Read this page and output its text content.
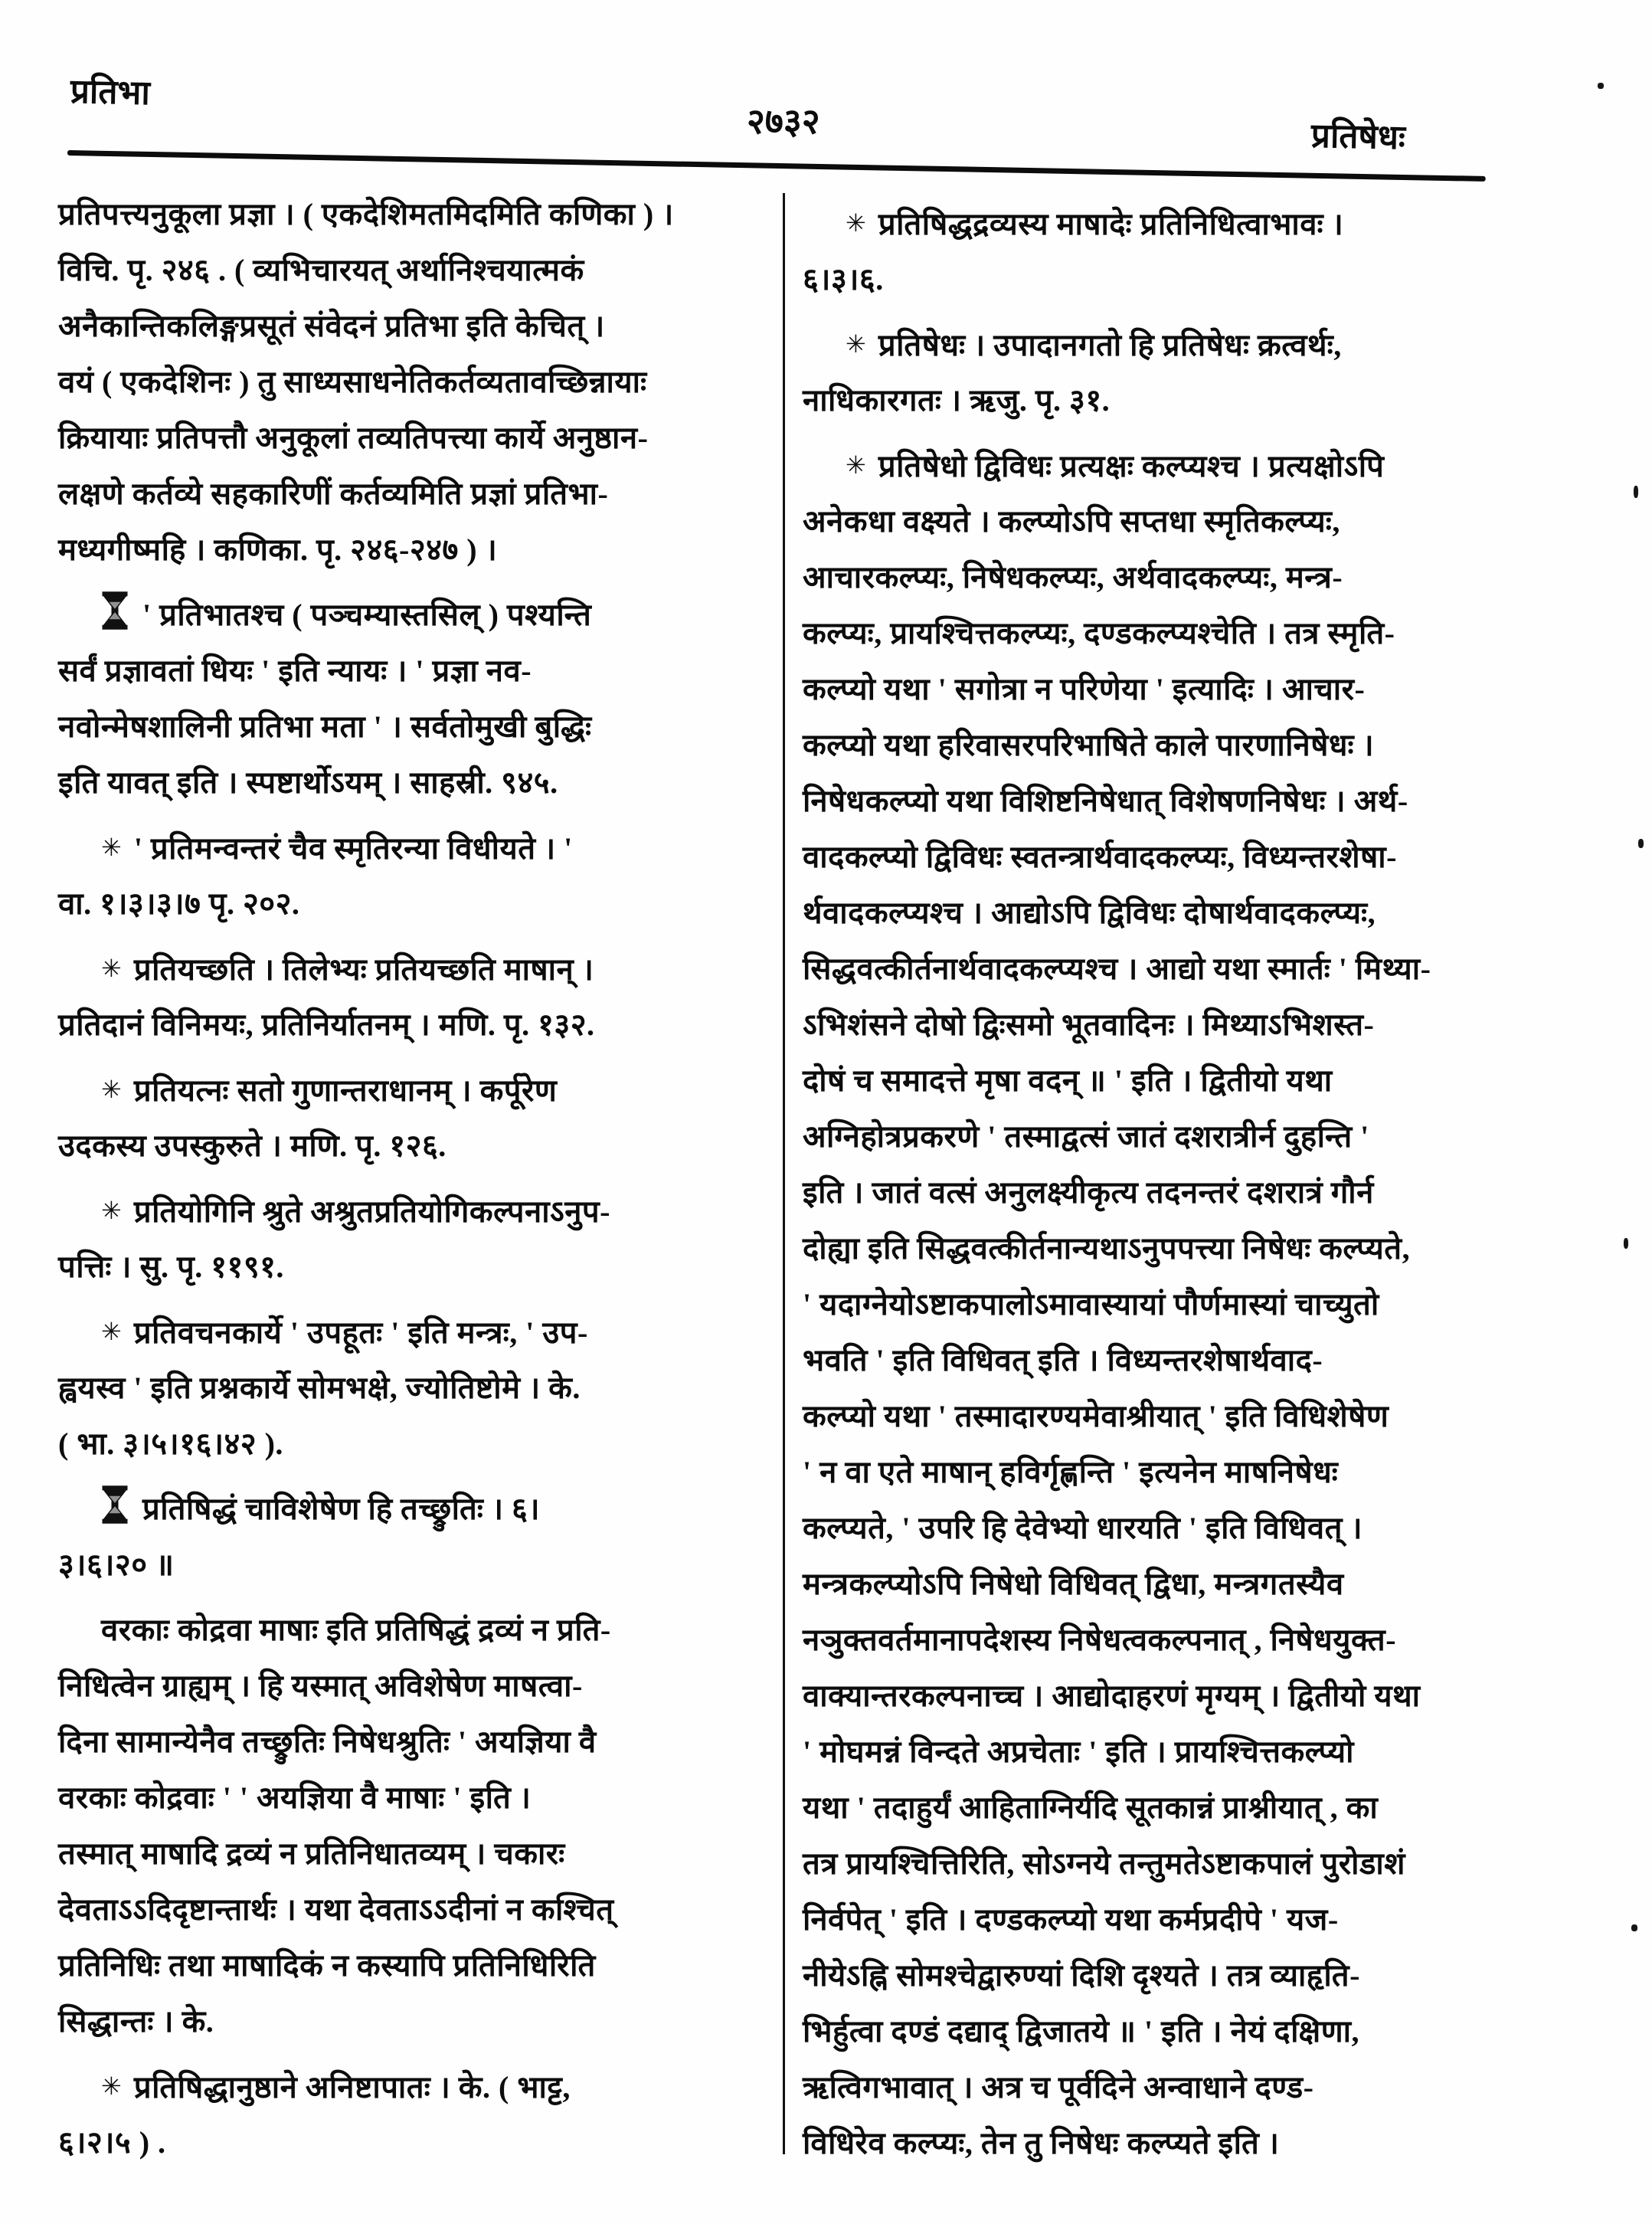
प्रतिभा
२७३२	प्रतिषेधः
प्रतिपत्त्यनुकूला प्रज्ञा । ( एकदेशिमतमिदमिति कणिका ) ।
विचि. पृ. २४६ . ( व्यभिचारयत् अर्थानिश्चयात्मकं
अनैकान्तिकलिङ्गप्रसूतं संवेदनं प्रतिभा इति केचित् ।
वयं ( एकदेशिनः ) तु साध्यसाधनेतिकर्तव्यतावच्छिन्नायाः
क्रियायाः प्रतिपत्तौ अनुकूलां तव्यतिपत्त्या कार्ये अनुष्ठान-
लक्षणे कर्तव्ये सहकारिणीं कर्तव्यमिति प्रज्ञां प्रतिभा-
मध्यगीष्महि । कणिका. पृ. २४६-२४७ ) ।
' प्रतिभातश्च ( पञ्चम्यास्तसिल् ) पश्यन्ति
सर्वं प्रज्ञावतां धियः ' इति न्यायः । ' प्रज्ञा नव-
नवोन्मेषशालिनी प्रतिभा मता ' । सर्वतोमुखी बुद्धिः
इति यावत् इति । स्पष्टार्थोऽयम् । साहस्री. ९४५.
✳ ' प्रतिमन्वन्तरं चैव स्मृतिरन्या विधीयते । '
वा. १।३।३।७ पृ. २०२.
✳ प्रतियच्छति । तिलेभ्यः प्रतियच्छति माषान् ।
प्रतिदानं विनिमयः, प्रतिनिर्यातनम् । मणि. पृ. १३२.
✳ प्रतियत्नः सतो गुणान्तराधानम् । कर्पूरेण
उदकस्य उपस्कुरुते । मणि. पृ. १२६.
✳ प्रतियोगिनि श्रुते अश्रुतप्रतियोगिकल्पनाऽनुप-
पत्तिः । सु. पृ. ११९१.
✳ प्रतिवचनकार्ये ' उपहूतः ' इति मन्त्रः, ' उप-
ह्वयस्व ' इति प्रश्नकार्ये सोमभक्षे, ज्योतिष्टोमे । के.
( भा. ३।५।१६।४२ ).
प्रतिषिद्धं चाविशेषेण हि तच्छ्रुतिः । ६।
३।६।२० ॥
वरकाः कोद्रवा माषाः इति प्रतिषिद्धं द्रव्यं न प्रति-
निधित्वेन ग्राह्यम् । हि यस्मात् अविशेषेण माषत्वा-
दिना सामान्येनैव तच्छ्रुतिः निषेधश्रुतिः ' अयज्ञिया वै
वरकाः कोद्रवाः ' ' अयज्ञिया वै माषाः ' इति ।
तस्मात् माषादि द्रव्यं न प्रतिनिधातव्यम् । चकारः
देवताऽऽदिदृष्टान्तार्थः । यथा देवताऽऽदीनां न कश्चित्
प्रतिनिधिः तथा माषादिकं न कस्यापि प्रतिनिधिरिति
सिद्धान्तः । के.
✳ प्रतिषिद्धानुष्ठाने अनिष्टापातः । के. ( भाट्ट,
६।२।५ ) .
✳ प्रतिषिद्धद्रव्यस्य माषादेः प्रतिनिधित्वाभावः ।
६।३।६.
✳ प्रतिषेधः । उपादानगतो हि प्रतिषेधः क्रत्वर्थः,
नाधिकारगतः । ऋजु. पृ. ३१.
✳ प्रतिषेधो द्विविधः प्रत्यक्षः कल्प्यश्च । प्रत्यक्षोऽपि
अनेकधा वक्ष्यते । कल्प्योऽपि सप्तधा स्मृतिकल्प्यः,
आचारकल्प्यः, निषेधकल्प्यः, अर्थवादकल्प्यः, मन्त्र-
कल्प्यः, प्रायश्चित्तकल्प्यः, दण्डकल्प्यश्चेति । तत्र स्मृति-
कल्प्यो यथा ' सगोत्रा न परिणेया ' इत्यादिः । आचार-
कल्प्यो यथा हरिवासरपरिभाषिते काले पारणानिषेधः ।
निषेधकल्प्यो यथा विशिष्टनिषेधात् विशेषणनिषेधः । अर्थ-
वादकल्प्यो द्विविधः स्वतन्त्रार्थवादकल्प्यः, विध्यन्तरशेषा-
र्थवादकल्प्यश्च । आद्योऽपि द्विविधः दोषार्थवादकल्प्यः,
सिद्धवत्कीर्तनार्थवादकल्प्यश्च । आद्यो यथा स्मार्तः ' मिथ्या-
ऽभिशंसने दोषो द्विःसमो भूतवादिनः । मिथ्याऽभिशस्त-
दोषं च समादत्ते मृषा वदन् ॥ ' इति । द्वितीयो यथा
अग्निहोत्रप्रकरणे ' तस्माद्वत्सं जातं दशरात्रीर्न दुहन्ति '
इति । जातं वत्सं अनुलक्ष्यीकृत्य तदनन्तरं दशरात्रं गौर्न
दोह्या इति सिद्धवत्कीर्तनान्यथाऽनुपपत्त्या निषेधः कल्प्यते,
' यदाग्नेयोऽष्टाकपालोऽमावास्यायां पौर्णमास्यां चाच्युतो
भवति ' इति विधिवत् इति । विध्यन्तरशेषार्थवाद-
कल्प्यो यथा ' तस्मादारण्यमेवाश्रीयात् ' इति विधिशेषेण
' न वा एते माषान् हविर्गृह्णन्ति ' इत्यनेन माषनिषेधः
कल्प्यते, ' उपरि हि देवेभ्यो धारयति ' इति विधिवत् ।
मन्त्रकल्प्योऽपि निषेधो विधिवत् द्विधा, मन्त्रगतस्यैव
नञुक्तवर्तमानापदेशस्य निषेधत्वकल्पनात् , निषेधयुक्त-
वाक्यान्तरकल्पनाच्च । आद्योदाहरणं मृग्यम् । द्वितीयो यथा
' मोघमन्नं विन्दते अप्रचेताः ' इति । प्रायश्चित्तकल्प्यो
यथा ' तदाहुर्यं आहिताग्निर्यदि सूतकान्नं प्राश्नीयात् , का
तत्र प्रायश्चित्तिरिति, सोऽग्नये तन्तुमतेऽष्टाकपालं पुरोडाशं
निर्वपेत् ' इति । दण्डकल्प्यो यथा कर्मप्रदीपे ' यज-
नीयेऽह्नि सोमश्चेद्वारुण्यां दिशि दृश्यते । तत्र व्याहृति-
भिर्हुत्वा दण्डं दद्याद् द्विजातये ॥ ' इति । नेयं दक्षिणा,
ऋत्विगभावात् । अत्र च पूर्वदिने अन्वाधाने दण्ड-
विधिरेव कल्प्यः, तेन तु निषेधः कल्प्यते इति ।
